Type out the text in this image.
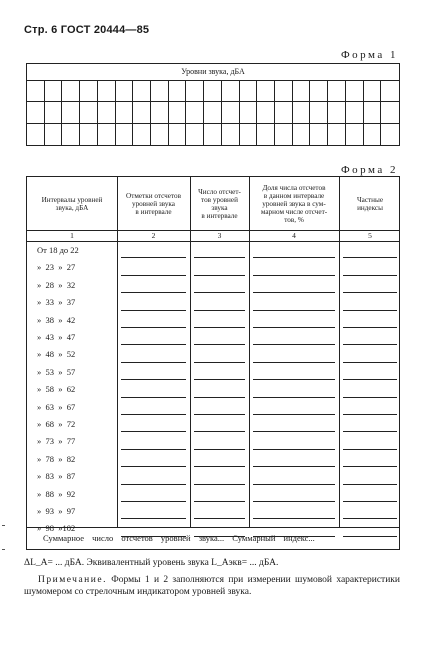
Стр. 6 ГОСТ 20444—85
Форма 1
Уровни звука, дБА
Форма 2
Суммарное число отсчетов уровней звука... Суммарный индекс...
Интервалы уровней
звука, дБА
1
Отметки отсчетов
уровней звука
в интервале
2
Число отсчет-
тов уровней
звука
в интервале
3
Доля числа отсчетов
в данном интервале
уровней звука в сум-
марном числе отсчет-
тов, %
4
Частные
индексы
5
От 18 до 22
»  23  »  27
»  28  »  32
»  33  »  37
»  38  »  42
»  43  »  47
»  48  »  52
»  53  »  57
»  58  »  62
»  63  »  67
»  68  »  72
»  73  »  77
»  78  »  82
»  83  »  87
»  88  »  92
»  93  »  97
»  98  »102
ΔL_A= ... дБА. Эквивалентный уровень звука L_Aэкв= ... дБА.
Примечание. Формы 1 и 2 заполняются при измерении шумовой характеристики шумомером со стрелочным индикатором уровней звука.
